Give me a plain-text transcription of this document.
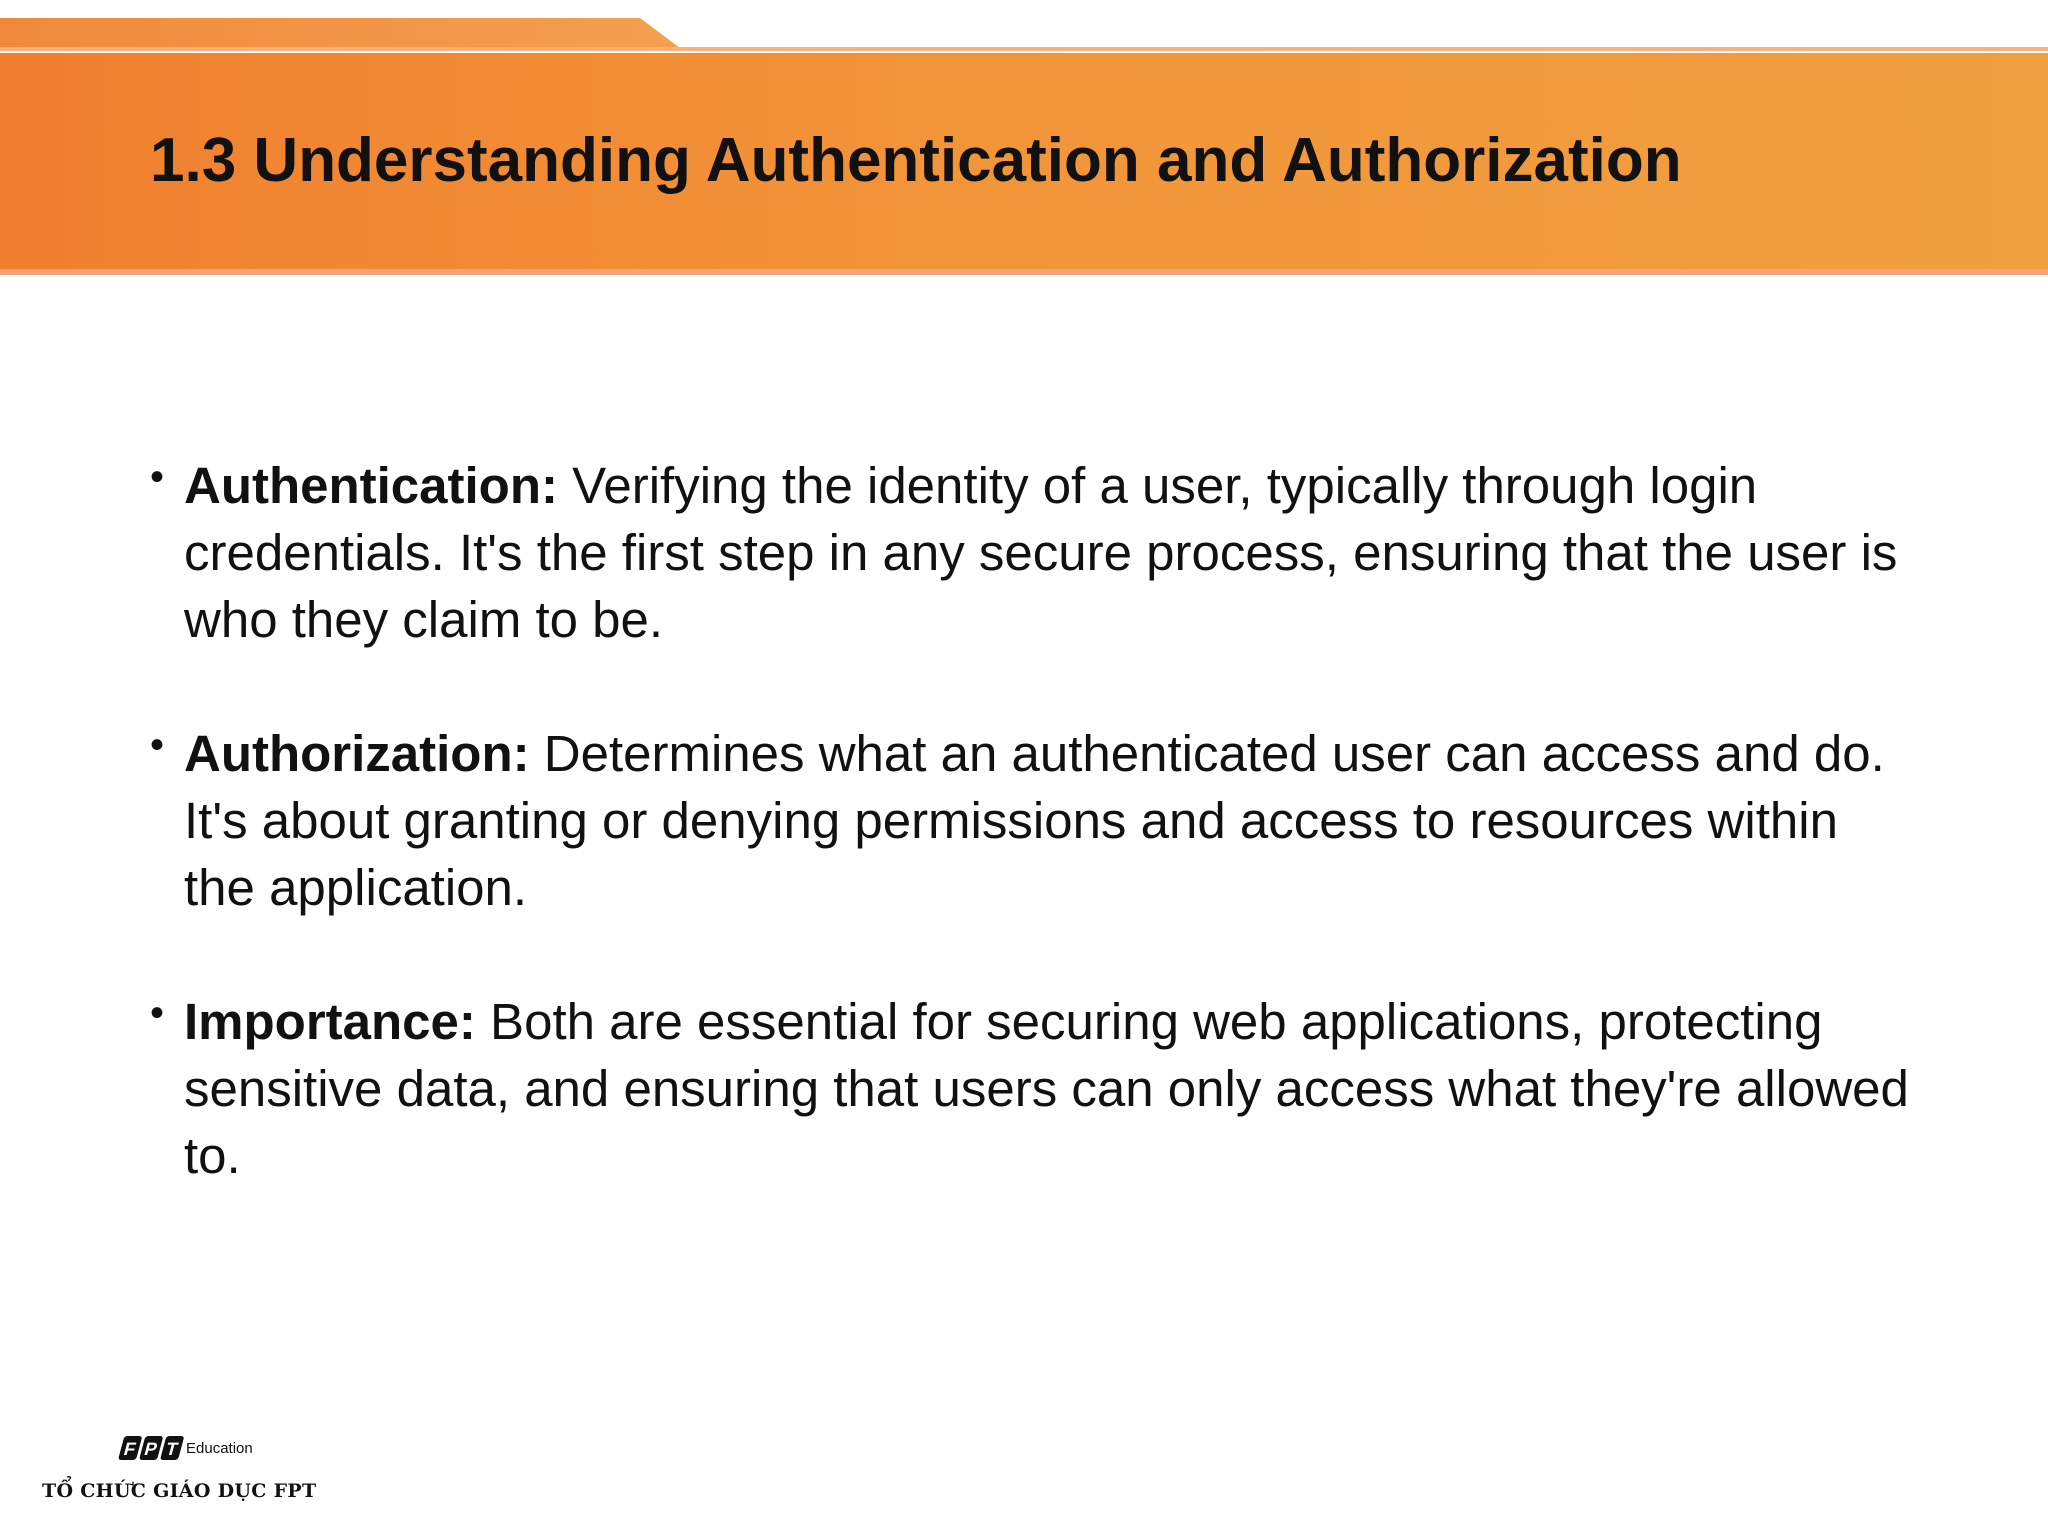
1.3 Understanding Authentication and Authorization
• Authentication: Verifying the identity of a user, typically through login credentials. It's the first step in any secure process, ensuring that the user is who they claim to be.
• Authorization: Determines what an authenticated user can access and do. It's about granting or denying permissions and access to resources within the application.
• Importance: Both are essential for securing web applications, protecting sensitive data, and ensuring that users can only access what they're allowed to.
F P T Education
TỔ CHỨC GIÁO DỤC FPT
